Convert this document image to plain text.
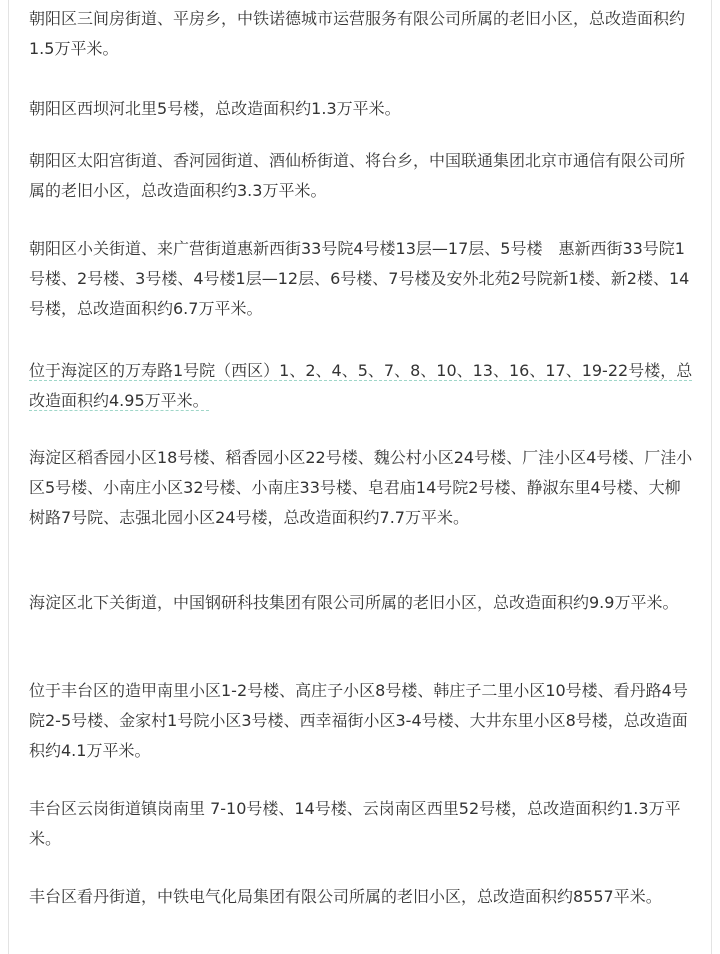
朝阳区三间房街道、平房乡，中铁诺德城市运营服务有限公司所属的老旧小区，总改造面积约1.5万平米。

朝阳区西坝河北里5号楼，总改造面积约1.3万平米。

朝阳区太阳宫街道、香河园街道、酒仙桥街道、将台乡，中国联通集团北京市通信有限公司所属的老旧小区，总改造面积约3.3万平米。

朝阳区小关街道、来广营街道惠新西街33号院4号楼13层—17层、5号楼　惠新西街33号院1号楼、2号楼、3号楼、4号楼1层—12层、6号楼、7号楼及安外北苑2号院新1楼、新2楼、14号楼，总改造面积约6.7万平米。

位于海淀区的万寿路1号院（西区）1、2、4、5、7、8、10、13、16、17、19-22号楼，总改造面积约4.95万平米。

海淀区稻香园小区18号楼、稻香园小区22号楼、魏公村小区24号楼、厂洼小区4号楼、厂洼小区5号楼、小南庄小区32号楼、小南庄33号楼、皂君庙14号院2号楼、静淑东里4号楼、大柳树路7号院、志强北园小区24号楼，总改造面积约7.7万平米。

海淀区北下关街道，中国钢研科技集团有限公司所属的老旧小区，总改造面积约9.9万平米。

位于丰台区的造甲南里小区1-2号楼、高庄子小区8号楼、韩庄子二里小区10号楼、看丹路4号院2-5号楼、金家村1号院小区3号楼、西幸福街小区3-4号楼、大井东里小区8号楼，总改造面积约4.1万平米。

丰台区云岗街道镇岗南里 7-10号楼、14号楼、云岗南区西里52号楼，总改造面积约1.3万平米。

丰台区看丹街道，中铁电气化局集团有限公司所属的老旧小区，总改造面积约8557平米。
